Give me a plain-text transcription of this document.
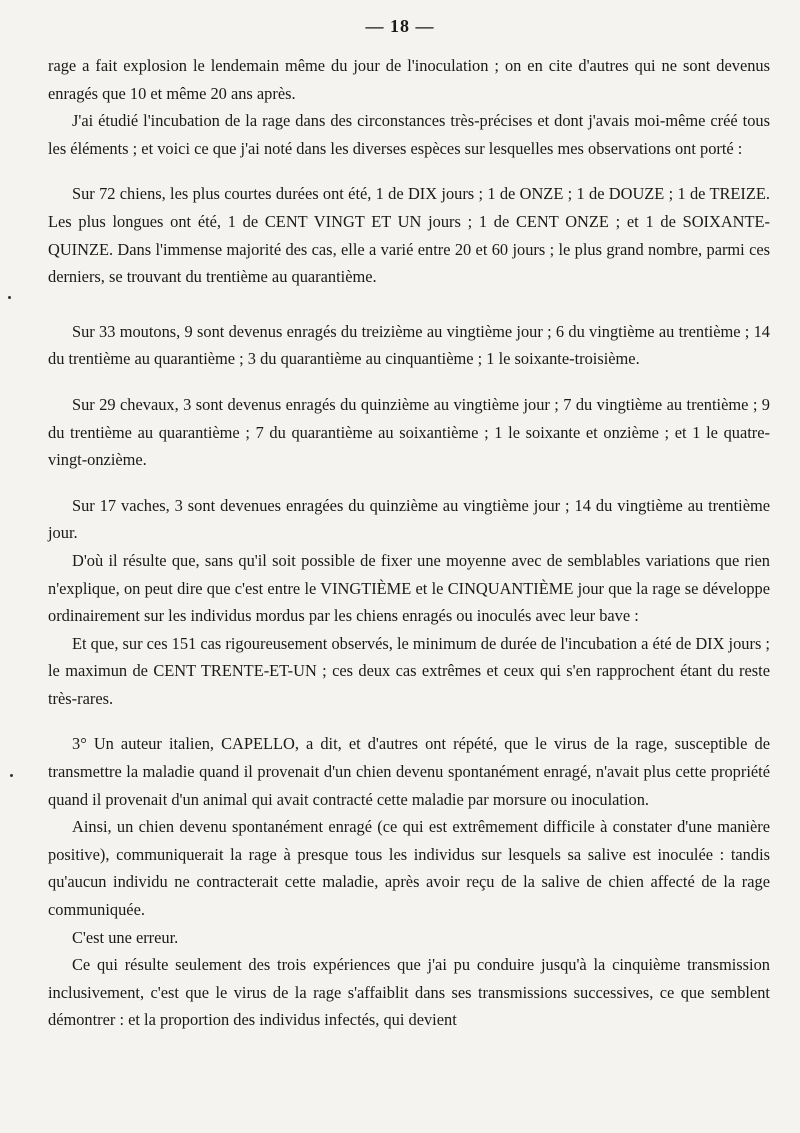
— 18 —

rage a fait explosion le lendemain même du jour de l'inoculation ; on en cite d'autres qui ne sont devenus enragés que 10 et même 20 ans après.

J'ai étudié l'incubation de la rage dans des circonstances très-précises et dont j'avais moi-même créé tous les éléments ; et voici ce que j'ai noté dans les diverses espèces sur lesquelles mes observations ont porté :

Sur 72 chiens, les plus courtes durées ont été, 1 de DIX jours ; 1 de ONZE ; 1 de DOUZE ; 1 de TREIZE. Les plus longues ont été, 1 de CENT VINGT ET UN jours ; 1 de CENT ONZE ; et 1 de SOIXANTE-QUINZE. Dans l'immense majorité des cas, elle a varié entre 20 et 60 jours ; le plus grand nombre, parmi ces derniers, se trouvant du trentième au quarantième.

Sur 33 moutons, 9 sont devenus enragés du treizième au vingtième jour ; 6 du vingtième au trentième ; 14 du trentième au quarantième ; 3 du quarantième au cinquantième ; 1 le soixante-troisième.

Sur 29 chevaux, 3 sont devenus enragés du quinzième au vingtième jour ; 7 du vingtième au trentième ; 9 du trentième au quarantième ; 7 du quarantième au soixantième ; 1 le soixante et onzième ; et 1 le quatre-vingt-onzième.

Sur 17 vaches, 3 sont devenues enragées du quinzième au vingtième jour ; 14 du vingtième au trentième jour.

D'où il résulte que, sans qu'il soit possible de fixer une moyenne avec de semblables variations que rien n'explique, on peut dire que c'est entre le VINGTIÈME et le CINQUANTIÈME jour que la rage se développe ordinairement sur les individus mordus par les chiens enragés ou inoculés avec leur bave :

Et que, sur ces 151 cas rigoureusement observés, le minimum de durée de l'incubation a été de DIX jours ; le maximun de CENT TRENTE-ET-UN ; ces deux cas extrêmes et ceux qui s'en rapprochent étant du reste très-rares.

3° Un auteur italien, CAPELLO, a dit, et d'autres ont répété, que le virus de la rage, susceptible de transmettre la maladie quand il provenait d'un chien devenu spontanément enragé, n'avait plus cette propriété quand il provenait d'un animal qui avait contracté cette maladie par morsure ou inoculation.

Ainsi, un chien devenu spontanément enragé (ce qui est extrêmement difficile à constater d'une manière positive), communiquerait la rage à presque tous les individus sur lesquels sa salive est inoculée : tandis qu'aucun individu ne contracterait cette maladie, après avoir reçu de la salive de chien affecté de la rage communiquée.

C'est une erreur.

Ce qui résulte seulement des trois expériences que j'ai pu conduire jusqu'à la cinquième transmission inclusivement, c'est que le virus de la rage s'affaiblit dans ses transmissions successives, ce que semblent démontrer : et la proportion des individus infectés, qui devient
